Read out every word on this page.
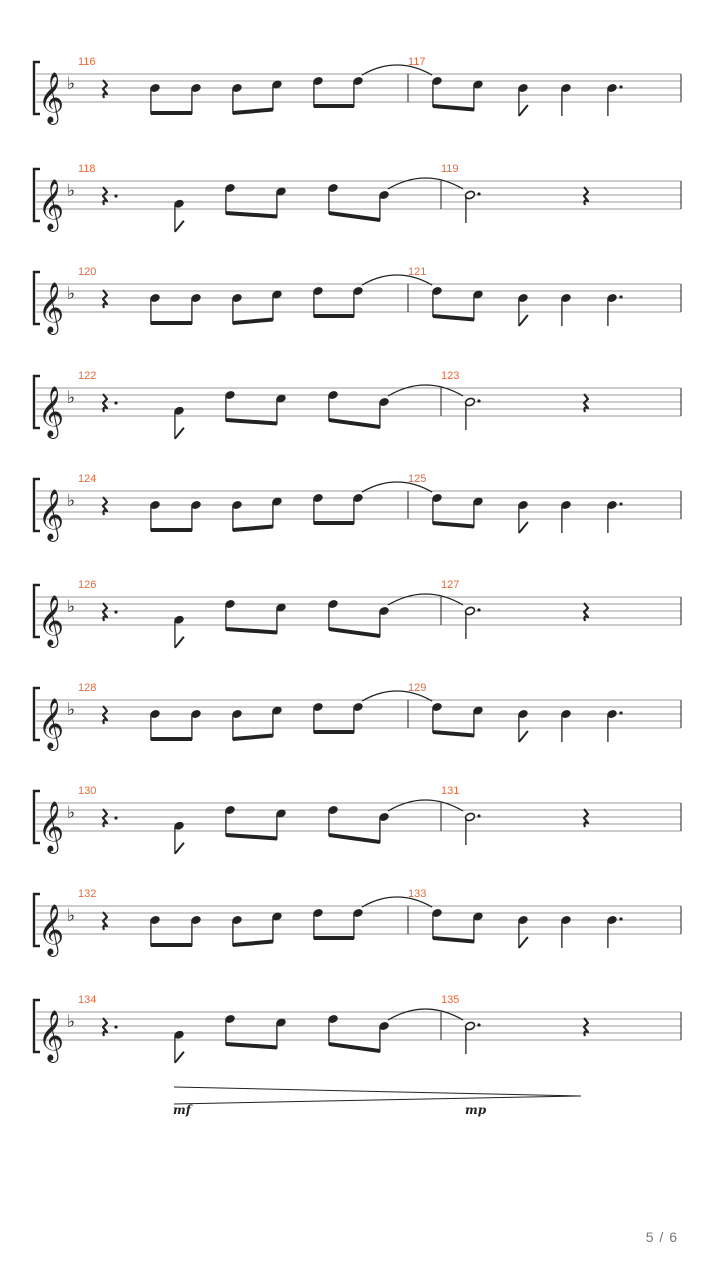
𝄞 ♭
116	117
𝄞 ♭
118	119
𝄞 ♭
120	121
𝄞 ♭
122	123
𝄞 ♭
124	125
𝄞 ♭
126	127
𝄞 ♭
128	129
𝄞 ♭
130	131
𝄞 ♭
132	133
𝄞 ♭
134	135
mf	mp
5 / 6
